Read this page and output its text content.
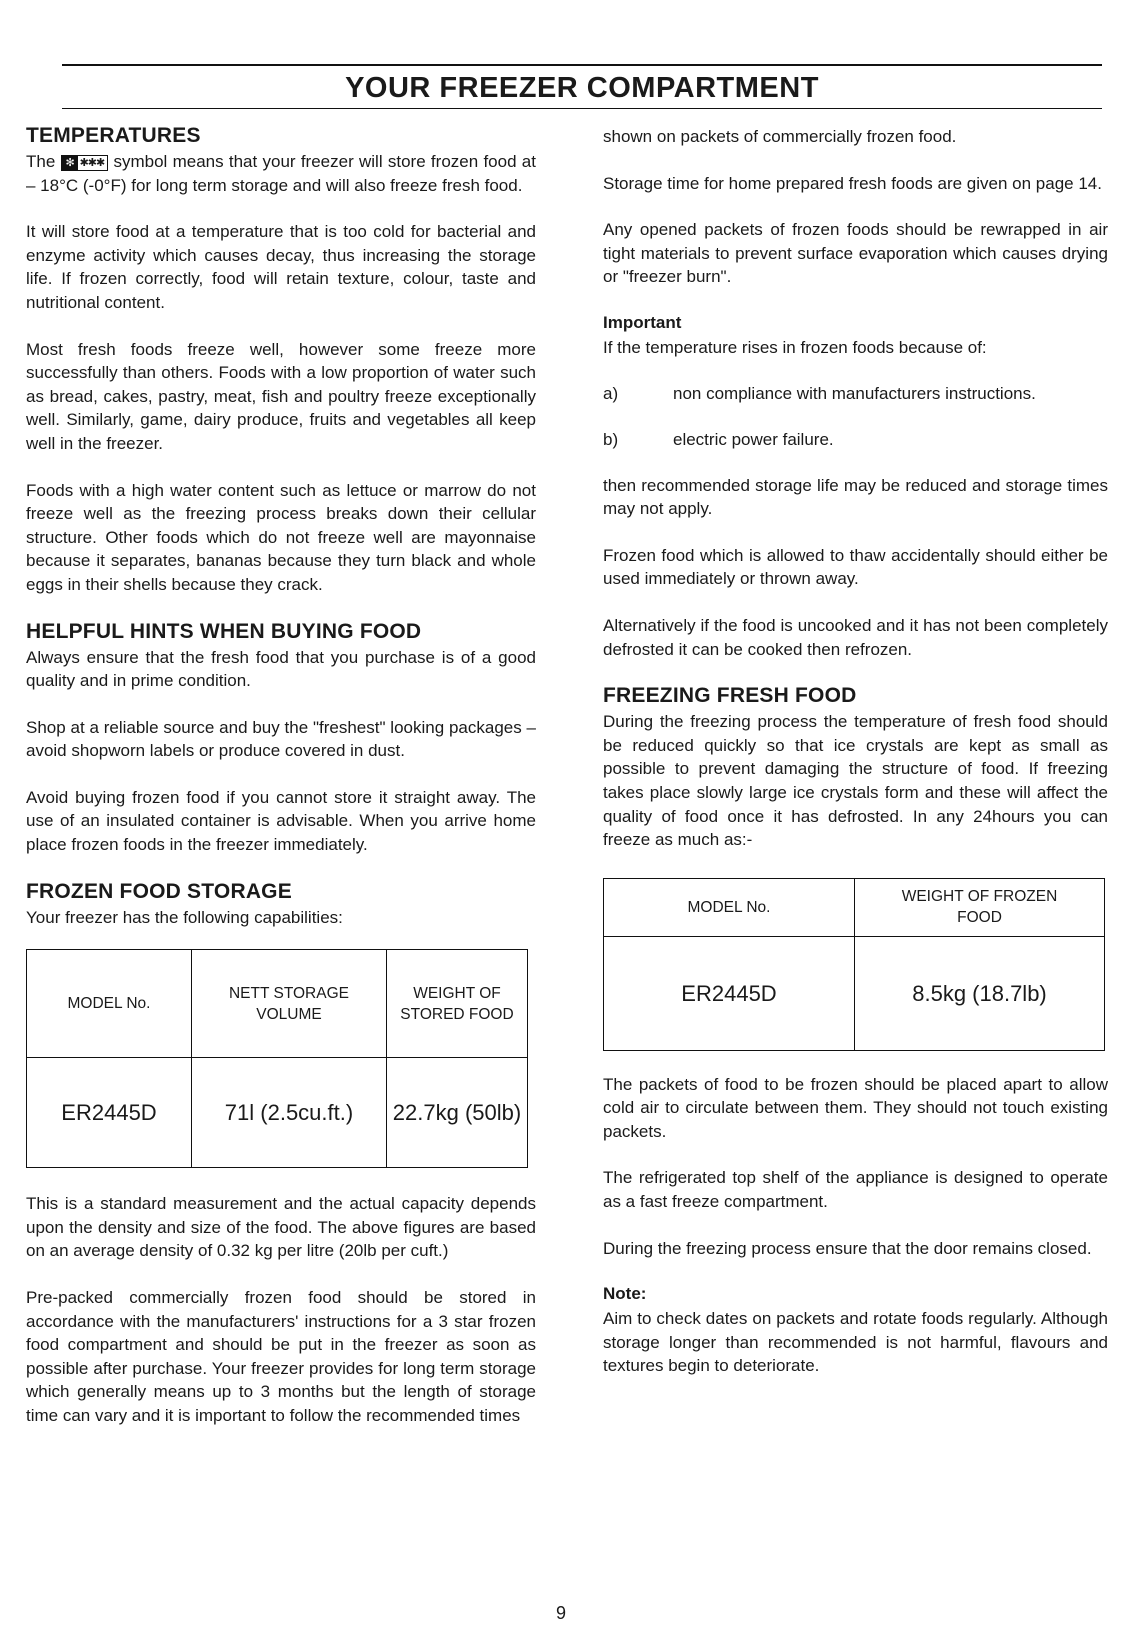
YOUR FREEZER COMPARTMENT
TEMPERATURES

The ✻ ✱✱✱ symbol means that your freezer will store frozen food at – 18°C (-0°F) for long term storage and will also freeze fresh food.

It will store food at a temperature that is too cold for bacterial and enzyme activity which causes decay, thus increasing the storage life. If frozen correctly, food will retain texture, colour, taste and nutritional content.

Most fresh foods freeze well, however some freeze more successfully than others. Foods with a low proportion of water such as bread, cakes, pastry, meat, fish and poultry freeze exceptionally well. Similarly, game, dairy produce, fruits and vegetables all keep well in the freezer.

Foods with a high water content such as lettuce or marrow do not freeze well as the freezing process breaks down their cellular structure. Other foods which do not freeze well are mayonnaise because it separates, bananas because they turn black and whole eggs in their shells because they crack.

HELPFUL HINTS WHEN BUYING FOOD

Always ensure that the fresh food that you purchase is of a good quality and in prime condition.

Shop at a reliable source and buy the "freshest" looking packages – avoid shopworn labels or produce covered in dust.

Avoid buying frozen food if you cannot store it straight away. The use of an insulated container is advisable. When you arrive home place frozen foods in the freezer immediately.

FROZEN FOOD STORAGE

Your freezer has the following capabilities:

MODEL No.	NETT STORAGE VOLUME	WEIGHT OF STORED FOOD
ER2445D	71l (2.5cu.ft.)	22.7kg (50lb)

This is a standard measurement and the actual capacity depends upon the density and size of the food. The above figures are based on an average density of 0.32 kg per litre (20lb per cuft.)

Pre-packed commercially frozen food should be stored in accordance with the manufacturers' instructions for a 3 star frozen food compartment and should be put in the freezer as soon as possible after purchase. Your freezer provides for long term storage which generally means up to 3 months but the length of storage time can vary and it is important to follow the recommended times

shown on packets of commercially frozen food.

Storage time for home prepared fresh foods are given on page 14.

Any opened packets of frozen foods should be rewrapped in air tight materials to prevent surface evaporation which causes drying or "freezer burn".

Important

If the temperature rises in frozen foods because of:

a)	non compliance with manufacturers instructions.
b)	electric power failure.

then recommended storage life may be reduced and storage times may not apply.

Frozen food which is allowed to thaw accidentally should either be used immediately or thrown away.

Alternatively if the food is uncooked and it has not been completely defrosted it can be cooked then refrozen.

FREEZING FRESH FOOD

During the freezing process the temperature of fresh food should be reduced quickly so that ice crystals are kept as small as possible to prevent damaging the structure of food. If freezing takes place slowly large ice crystals form and these will affect the quality of food once it has defrosted. In any 24hours you can freeze as much as:-

MODEL No.	WEIGHT OF FROZEN FOOD
ER2445D	8.5kg (18.7lb)

The packets of food to be frozen should be placed apart to allow cold air to circulate between them. They should not touch existing packets.

The refrigerated top shelf of the appliance is designed to operate as a fast freeze compartment.

During the freezing process ensure that the door remains closed.

Note:

Aim to check dates on packets and rotate foods regularly. Although storage longer than recommended is not harmful, flavours and textures begin to deteriorate.

9
